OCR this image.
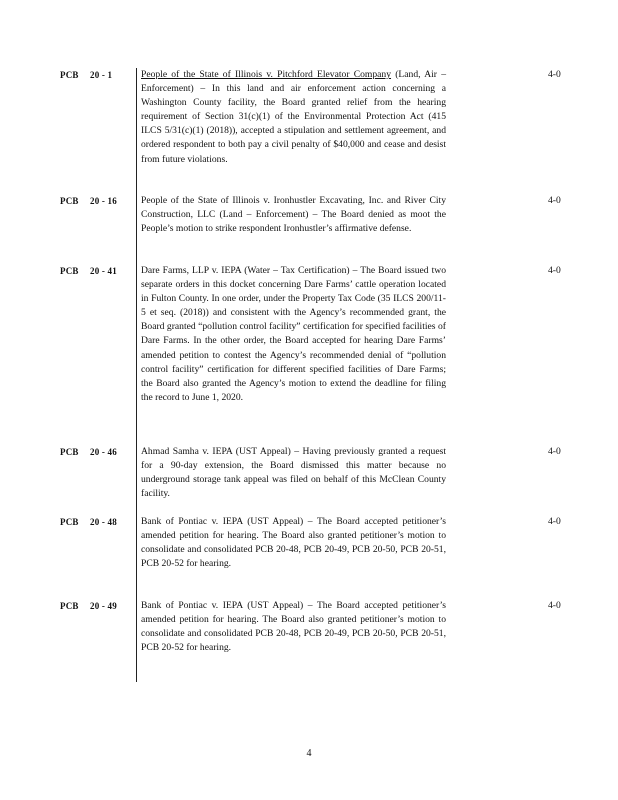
PCB 20 - 1	People of the State of Illinois v. Pitchford Elevator Company (Land, Air – Enforcement) – In this land and air enforcement action concerning a Washington County facility, the Board granted relief from the hearing requirement of Section 31(c)(1) of the Environmental Protection Act (415 ILCS 5/31(c)(1) (2018)), accepted a stipulation and settlement agreement, and ordered respondent to both pay a civil penalty of $40,000 and cease and desist from future violations.
4-0
PCB 20 - 16	People of the State of Illinois v. Ironhustler Excavating, Inc. and River City Construction, LLC (Land – Enforcement) – The Board denied as moot the People’s motion to strike respondent Ironhustler’s affirmative defense.
4-0
PCB 20 - 41	Dare Farms, LLP v. IEPA (Water – Tax Certification) – The Board issued two separate orders in this docket concerning Dare Farms’ cattle operation located in Fulton County. In one order, under the Property Tax Code (35 ILCS 200/11-5 et seq. (2018)) and consistent with the Agency’s recommended grant, the Board granted “pollution control facility” certification for specified facilities of Dare Farms. In the other order, the Board accepted for hearing Dare Farms’ amended petition to contest the Agency’s recommended denial of “pollution control facility” certification for different specified facilities of Dare Farms; the Board also granted the Agency’s motion to extend the deadline for filing the record to June 1, 2020.
4-0
PCB 20 - 46	Ahmad Samha v. IEPA (UST Appeal) – Having previously granted a request for a 90-day extension, the Board dismissed this matter because no underground storage tank appeal was filed on behalf of this McClean County facility.
4-0
PCB 20 - 48	Bank of Pontiac v. IEPA (UST Appeal) – The Board accepted petitioner’s amended petition for hearing. The Board also granted petitioner’s motion to consolidate and consolidated PCB 20-48, PCB 20-49, PCB 20-50, PCB 20-51, PCB 20-52 for hearing.
4-0
PCB 20 - 49	Bank of Pontiac v. IEPA (UST Appeal) – The Board accepted petitioner’s amended petition for hearing. The Board also granted petitioner’s motion to consolidate and consolidated PCB 20-48, PCB 20-49, PCB 20-50, PCB 20-51, PCB 20-52 for hearing.
4-0
4
